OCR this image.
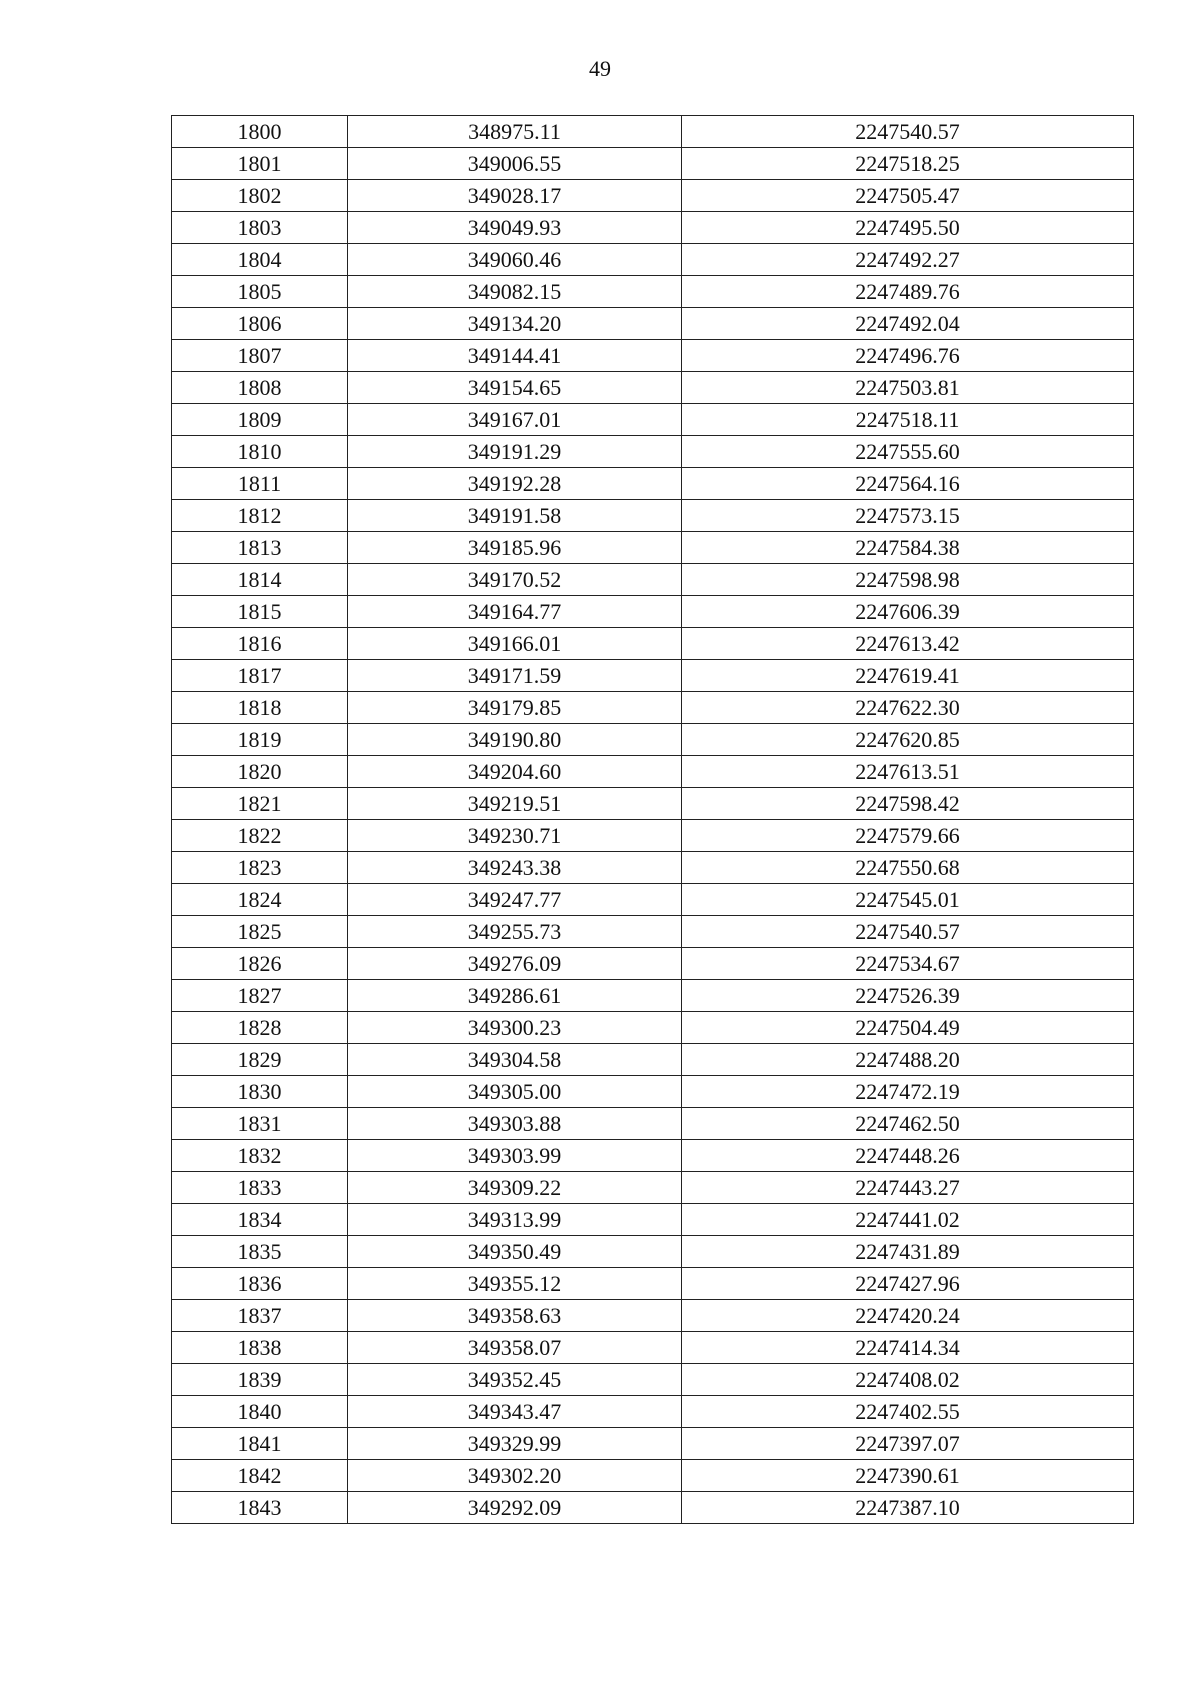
49
1800	348975.11	2247540.57
1801	349006.55	2247518.25
1802	349028.17	2247505.47
1803	349049.93	2247495.50
1804	349060.46	2247492.27
1805	349082.15	2247489.76
1806	349134.20	2247492.04
1807	349144.41	2247496.76
1808	349154.65	2247503.81
1809	349167.01	2247518.11
1810	349191.29	2247555.60
1811	349192.28	2247564.16
1812	349191.58	2247573.15
1813	349185.96	2247584.38
1814	349170.52	2247598.98
1815	349164.77	2247606.39
1816	349166.01	2247613.42
1817	349171.59	2247619.41
1818	349179.85	2247622.30
1819	349190.80	2247620.85
1820	349204.60	2247613.51
1821	349219.51	2247598.42
1822	349230.71	2247579.66
1823	349243.38	2247550.68
1824	349247.77	2247545.01
1825	349255.73	2247540.57
1826	349276.09	2247534.67
1827	349286.61	2247526.39
1828	349300.23	2247504.49
1829	349304.58	2247488.20
1830	349305.00	2247472.19
1831	349303.88	2247462.50
1832	349303.99	2247448.26
1833	349309.22	2247443.27
1834	349313.99	2247441.02
1835	349350.49	2247431.89
1836	349355.12	2247427.96
1837	349358.63	2247420.24
1838	349358.07	2247414.34
1839	349352.45	2247408.02
1840	349343.47	2247402.55
1841	349329.99	2247397.07
1842	349302.20	2247390.61
1843	349292.09	2247387.10
